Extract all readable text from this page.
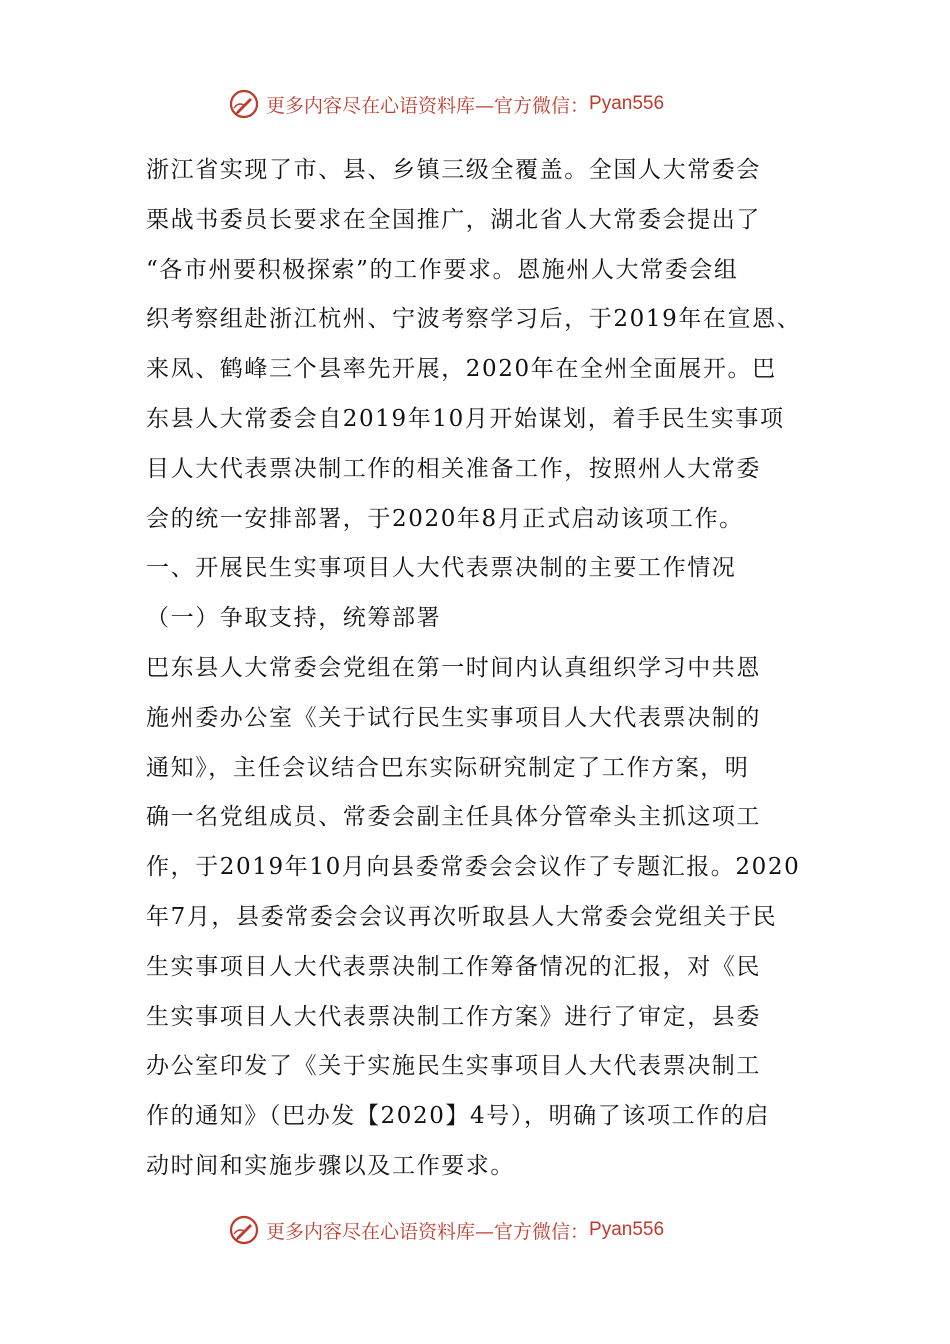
更多内容尽在心语资料库—官方微信： Pyan556
浙江省实现了市、县、乡镇三级全覆盖。全国人大常委会
栗战书委员长要求在全国推广，湖北省人大常委会提出了
“各市州要积极探索”的工作要求。恩施州人大常委会组
织考察组赴浙江杭州、宁波考察学习后，于2019年在宣恩、
来凤、鹤峰三个县率先开展，2020年在全州全面展开。巴
东县人大常委会自2019年10月开始谋划，着手民生实事项
目人大代表票决制工作的相关准备工作，按照州人大常委
会的统一安排部署，于2020年8月正式启动该项工作。
一、开展民生实事项目人大代表票决制的主要工作情况
（一）争取支持，统筹部署
巴东县人大常委会党组在第一时间内认真组织学习中共恩
施州委办公室《关于试行民生实事项目人大代表票决制的
通知》，主任会议结合巴东实际研究制定了工作方案，明
确一名党组成员、常委会副主任具体分管牵头主抓这项工
作，于2019年10月向县委常委会会议作了专题汇报。2020
年7月，县委常委会会议再次听取县人大常委会党组关于民
生实事项目人大代表票决制工作筹备情况的汇报，对《民
生实事项目人大代表票决制工作方案》进行了审定，县委
办公室印发了《关于实施民生实事项目人大代表票决制工
作的通知》（巴办发【2020】4号），明确了该项工作的启
动时间和实施步骤以及工作要求。
更多内容尽在心语资料库—官方微信： Pyan556
